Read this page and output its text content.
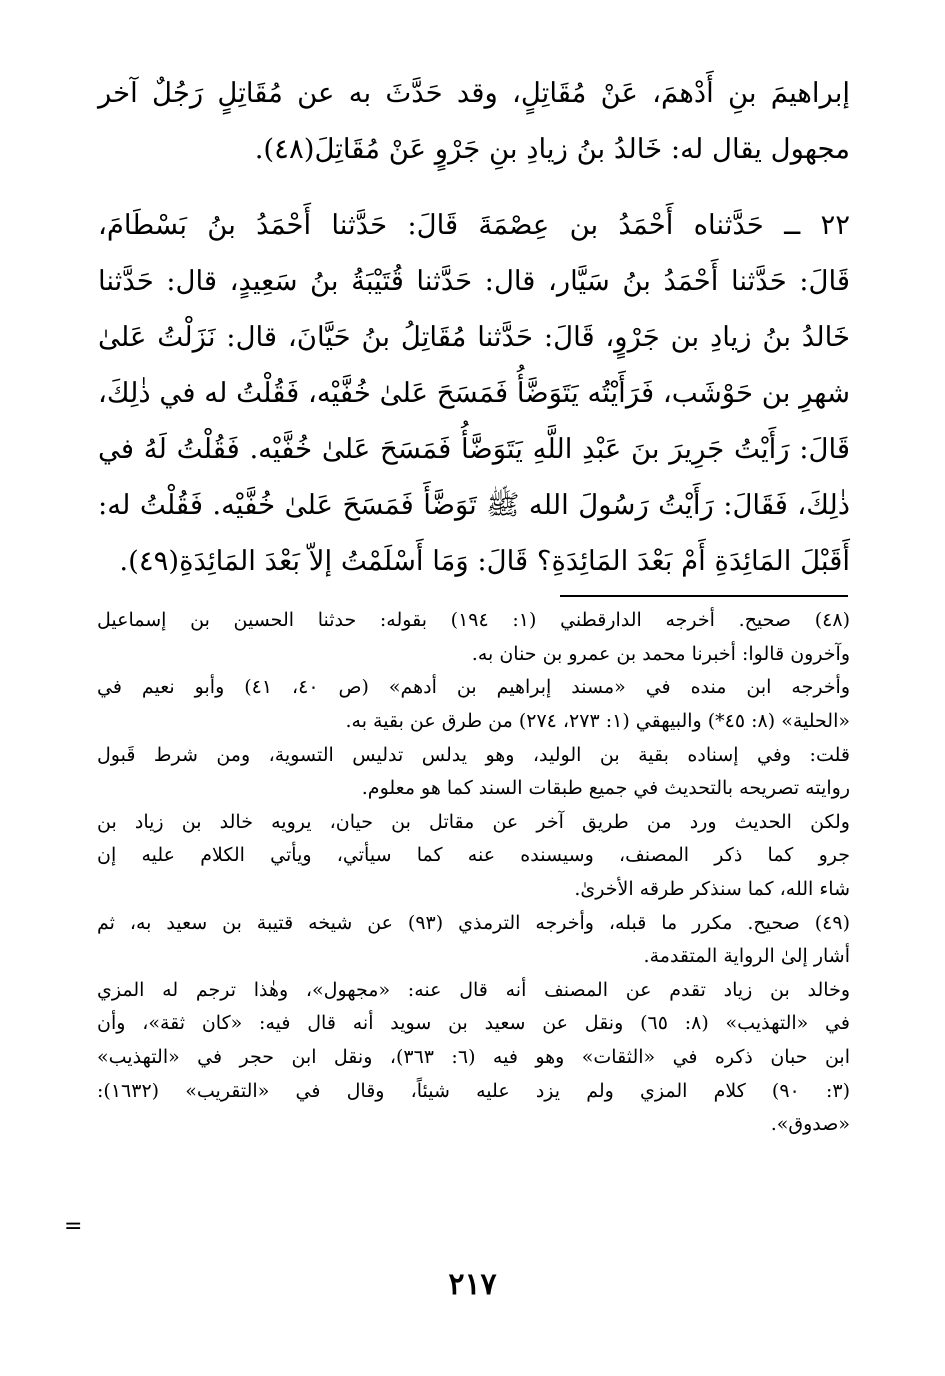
إبراهيمَ بنِ أَدْهمَ، عَنْ مُقَاتِلٍ، وقد حَدَّثَ به عن مُقَاتِلٍ رَجُلٌ آخر
مجهول يقال له: خَالدُ بنُ زيادِ بنِ جَرْوٍ عَنْ مُقَاتِلَ(٤٨).
٢٢ ــ حَدَّثناه أَحْمَدُ بن عِصْمَةَ قَالَ: حَدَّثنا أَحْمَدُ بنُ بَسْطَامَ،
قَالَ: حَدَّثنا أَحْمَدُ بنُ سَيَّار، قال: حَدَّثنا قُتَيْبَةُ بنُ سَعِيدٍ، قال: حَدَّثنا
خَالدُ بنُ زيادِ بن جَرْوٍ، قَالَ: حَدَّثنا مُقَاتِلُ بنُ حَيَّانَ، قال: نَزَلْتُ عَلىٰ
شهرِ بن حَوْشَب، فَرَأَيْتُه يَتَوَضَّأُ فَمَسَحَ عَلىٰ خُفَّيْه، فَقُلْتُ له في ذٰلِكَ،
قَالَ: رَأَيْتُ جَرِيرَ بنَ عَبْدِ اللَّهِ يَتَوَضَّأُ فَمَسَحَ عَلىٰ خُفَّيْه. فَقُلْتُ لَهُ في
ذٰلِكَ، فَقَالَ: رَأَيْتُ رَسُولَ الله ﷺ تَوَضَّأَ فَمَسَحَ عَلىٰ خُفَّيْه. فَقُلْتُ له:
أَقَبْلَ المَائِدَةِ أَمْ بَعْدَ المَائِدَةِ؟ قَالَ: وَمَا أَسْلَمْتُ إلاّ بَعْدَ المَائِدَةِ(٤٩).
(٤٨) صحيح. أخرجه الدارقطني (١: ١٩٤) بقوله: حدثنا الحسين بن إسماعيل
وآخرون قالوا: أخبرنا محمد بن عمرو بن حنان به.
وأخرجه ابن منده في «مسند إبراهيم بن أدهم» (ص ٤٠، ٤١) وأبو نعيم في
«الحلية» (٨: ٤٥*) والبيهقي (١: ٢٧٣، ٢٧٤) من طرق عن بقية به.
قلت: وفي إسناده بقية بن الوليد، وهو يدلس تدليس التسوية، ومن شرط قَبول
روايته تصريحه بالتحديث في جميع طبقات السند كما هو معلوم.
ولكن الحديث ورد من طريق آخر عن مقاتل بن حيان، يرويه خالد بن زياد بن
جرو كما ذكر المصنف، وسيسنده عنه كما سيأتي، ويأتي الكلام عليه إن
شاء الله، كما سنذكر طرقه الأخرىٰ.
(٤٩) صحيح. مكرر ما قبله، وأخرجه الترمذي (٩٣) عن شيخه قتيبة بن سعيد به، ثم
أشار إلىٰ الرواية المتقدمة.
وخالد بن زياد تقدم عن المصنف أنه قال عنه: «مجهول»، وهٰذا ترجم له المزي
في «التهذيب» (٨: ٦٥) ونقل عن سعيد بن سويد أنه قال فيه: «كان ثقة»، وأن
ابن حبان ذكره في «الثقات» وهو فيه (٦: ٣٦٣)، ونقل ابن حجر في «التهذيب»
(٣: ٩٠) كلام المزي ولم يزد عليه شيئاً، وقال في «التقريب» (١٦٣٢):
«صدوق».
=
٢١٧
